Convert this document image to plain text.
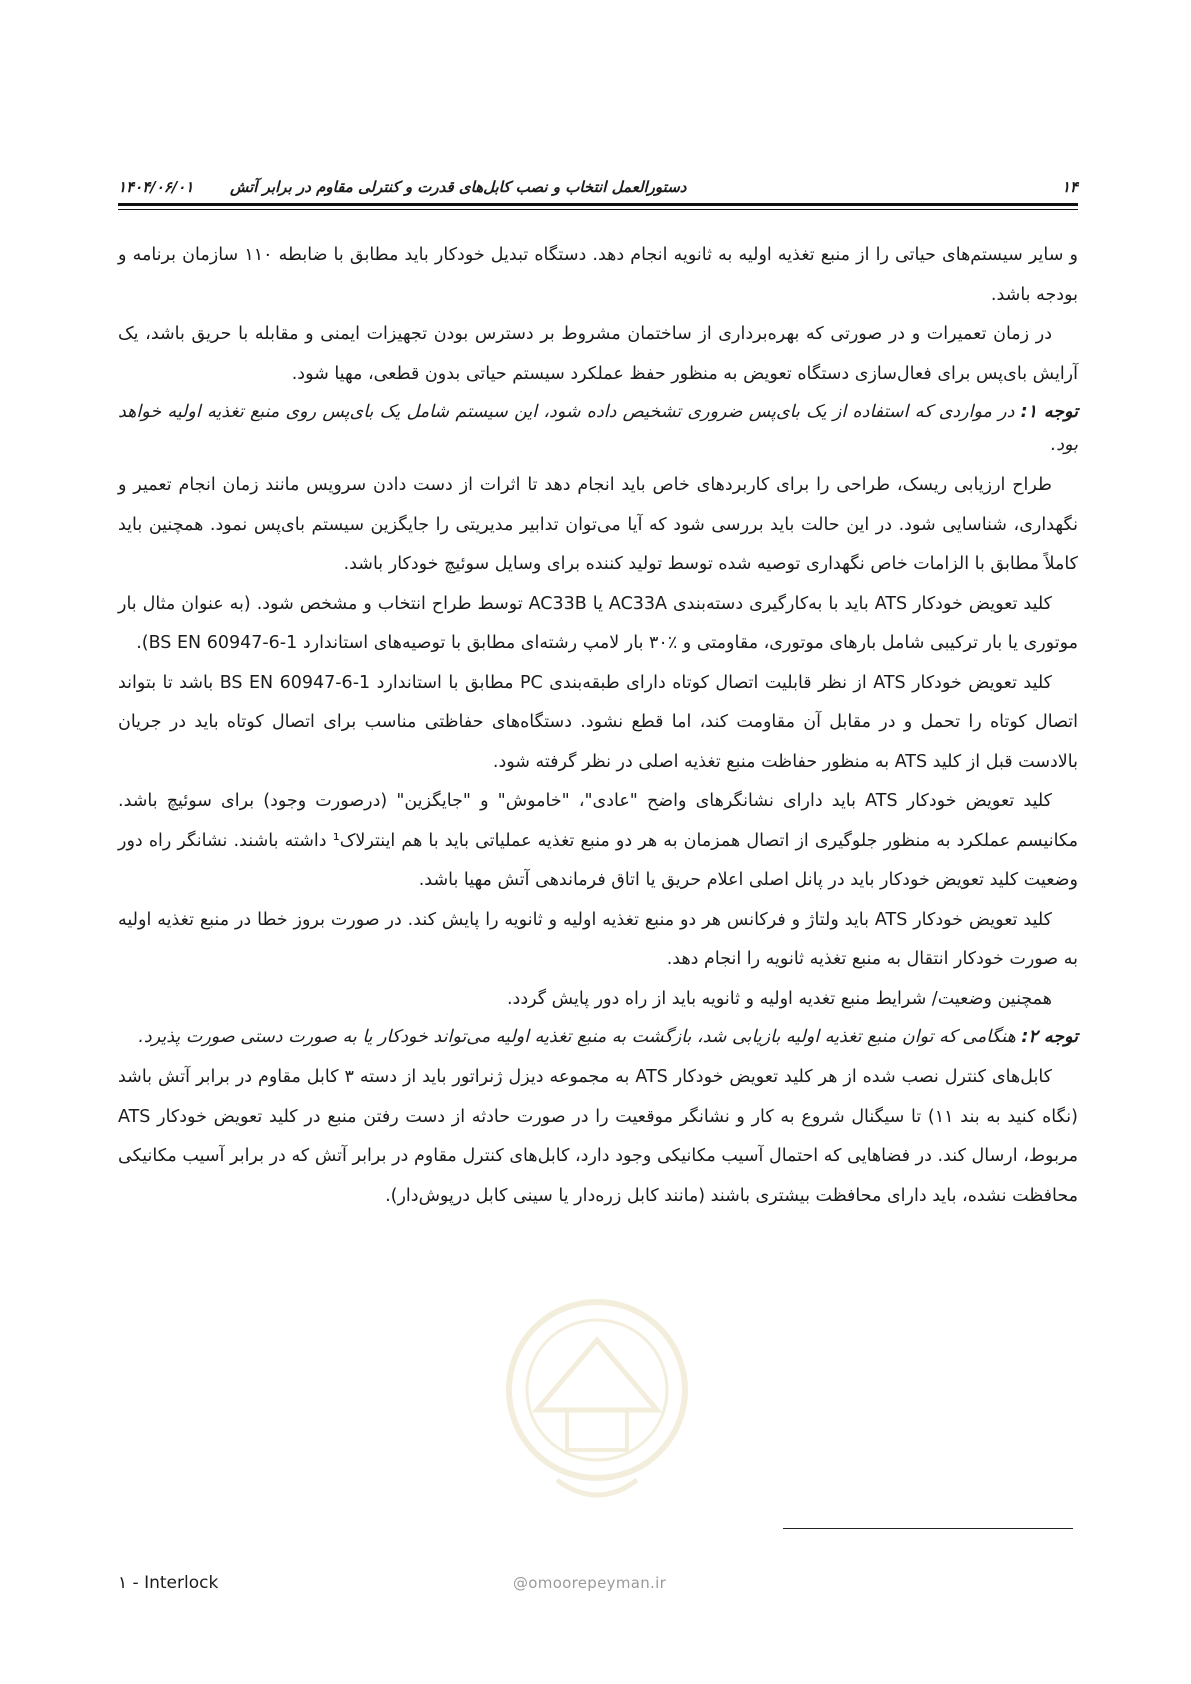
۱۴
دستورالعمل انتخاب و نصب کابل‌های قدرت و کنترلی مقاوم در برابر آتش       ۱۴۰۴/۰۶/۰۱

و سایر سیستم‌های حیاتی را از منبع تغذیه اولیه به ثانویه انجام دهد. دستگاه تبدیل خودکار باید مطابق با ضابطه ۱۱۰ سازمان برنامه و بودجه باشد.

در زمان تعمیرات و در صورتی که بهره‌برداری از ساختمان مشروط بر دسترس بودن تجهیزات ایمنی و مقابله با حریق باشد، یک آرایش بای‌پس برای فعال‌سازی دستگاه تعویض به منظور حفظ عملکرد سیستم حیاتی بدون قطعی، مهیا شود.

توجه ۱: در مواردی که استفاده از یک بای‌پس ضروری تشخیص داده شود، این سیستم شامل یک بای‌پس روی منبع تغذیه اولیه خواهد بود.

طراح ارزیابی ریسک، طراحی را برای کاربردهای خاص باید انجام دهد تا اثرات از دست دادن سرویس مانند زمان انجام تعمیر و نگهداری، شناسایی شود. در این حالت باید بررسی شود که آیا می‌توان تدابیر مدیریتی را جایگزین سیستم بای‌پس نمود. همچنین باید کاملاً مطابق با الزامات خاص نگهداری توصیه شده توسط تولید کننده برای وسایل سوئیچ خودکار باشد.

کلید تعویض خودکار ATS باید با به‌کارگیری دسته‌بندی AC33A یا AC33B توسط طراح انتخاب و مشخص شود. (به عنوان مثال بار موتوری یا بار ترکیبی شامل بارهای موتوری، مقاومتی و ٪۳۰ بار لامپ رشته‌ای مطابق با توصیه‌های استاندارد BS EN 60947-6-1).

کلید تعویض خودکار ATS از نظر قابلیت اتصال کوتاه دارای طبقه‌بندی PC مطابق با استاندارد BS EN 60947-6-1 باشد تا بتواند اتصال کوتاه را تحمل و در مقابل آن مقاومت کند، اما قطع نشود. دستگاه‌های حفاظتی مناسب برای اتصال کوتاه باید در جریان بالادست قبل از کلید ATS به منظور حفاظت منبع تغذیه اصلی در نظر گرفته شود.

کلید تعویض خودکار ATS باید دارای نشانگرهای واضح "عادی"، "خاموش" و "جایگزین" (درصورت وجود) برای سوئیچ باشد. مکانیسم عملکرد به منظور جلوگیری از اتصال همزمان به هر دو منبع تغذیه عملیاتی باید با هم اینترلاک¹ داشته باشند. نشانگر راه دور وضعیت کلید تعویض خودکار باید در پانل اصلی اعلام حریق یا اتاق فرماندهی آتش مهیا باشد.

کلید تعویض خودکار ATS باید ولتاژ و فرکانس هر دو منبع تغذیه اولیه و ثانویه را پایش کند. در صورت بروز خطا در منبع تغذیه اولیه به صورت خودکار انتقال به منبع تغذیه ثانویه را انجام دهد.

همچنین وضعیت/ شرایط منبع تغدیه اولیه و ثانویه باید از راه دور پایش گردد.

توجه ۲: هنگامی که توان منبع تغذیه اولیه بازیابی شد، بازگشت به منبع تغذیه اولیه می‌تواند خودکار یا به صورت دستی صورت پذیرد.

کابل‌های کنترل نصب شده از هر کلید تعویض خودکار ATS به مجموعه دیزل ژنراتور باید از دسته ۳ کابل مقاوم در برابر آتش باشد (نگاه کنید به بند ۱۱) تا سیگنال شروع به کار و نشانگر موقعیت را در صورت حادثه از دست رفتن منبع در کلید تعویض خودکار ATS مربوط، ارسال کند. در فضاهایی که احتمال آسیب مکانیکی وجود دارد، کابل‌های کنترل مقاوم در برابر آتش که در برابر آسیب مکانیکی محافظت نشده، باید دارای محافظت بیشتری باشند (مانند کابل زره‌دار یا سینی کابل درپوش‌دار).

۱ - Interlock	@omoorepeyman.ir
